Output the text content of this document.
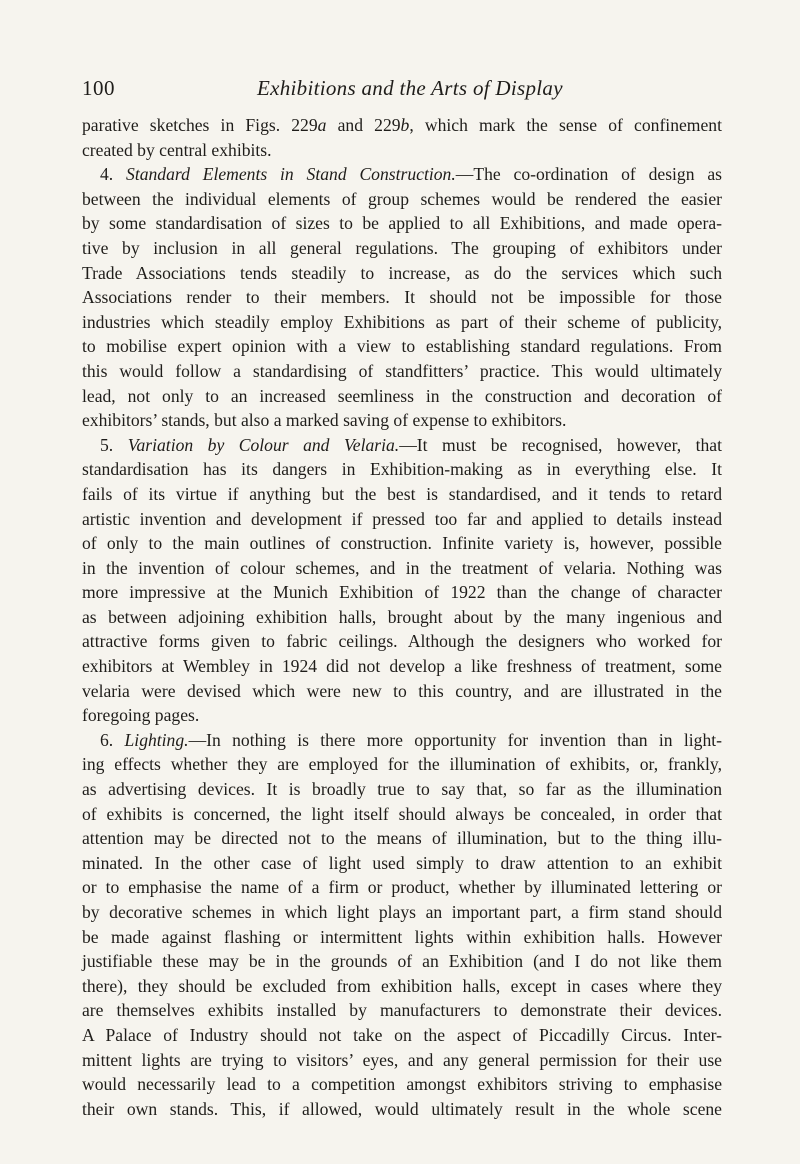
100	Exhibitions and the Arts of Display
parative sketches in Figs. 229a and 229b, which mark the sense of confinement
created by central exhibits.
4. Standard Elements in Stand Construction.—The co-ordination of design as
between the individual elements of group schemes would be rendered the easier
by some standardisation of sizes to be applied to all Exhibitions, and made opera-
tive by inclusion in all general regulations. The grouping of exhibitors under
Trade Associations tends steadily to increase, as do the services which such
Associations render to their members. It should not be impossible for those
industries which steadily employ Exhibitions as part of their scheme of publicity,
to mobilise expert opinion with a view to establishing standard regulations. From
this would follow a standardising of standfitters’ practice. This would ultimately
lead, not only to an increased seemliness in the construction and decoration of
exhibitors’ stands, but also a marked saving of expense to exhibitors.
5. Variation by Colour and Velaria.—It must be recognised, however, that
standardisation has its dangers in Exhibition-making as in everything else. It
fails of its virtue if anything but the best is standardised, and it tends to retard
artistic invention and development if pressed too far and applied to details instead
of only to the main outlines of construction. Infinite variety is, however, possible
in the invention of colour schemes, and in the treatment of velaria. Nothing was
more impressive at the Munich Exhibition of 1922 than the change of character
as between adjoining exhibition halls, brought about by the many ingenious and
attractive forms given to fabric ceilings. Although the designers who worked for
exhibitors at Wembley in 1924 did not develop a like freshness of treatment, some
velaria were devised which were new to this country, and are illustrated in the
foregoing pages.
6. Lighting.—In nothing is there more opportunity for invention than in light-
ing effects whether they are employed for the illumination of exhibits, or, frankly,
as advertising devices. It is broadly true to say that, so far as the illumination
of exhibits is concerned, the light itself should always be concealed, in order that
attention may be directed not to the means of illumination, but to the thing illu-
minated. In the other case of light used simply to draw attention to an exhibit
or to emphasise the name of a firm or product, whether by illuminated lettering or
by decorative schemes in which light plays an important part, a firm stand should
be made against flashing or intermittent lights within exhibition halls. However
justifiable these may be in the grounds of an Exhibition (and I do not like them
there), they should be excluded from exhibition halls, except in cases where they
are themselves exhibits installed by manufacturers to demonstrate their devices.
A Palace of Industry should not take on the aspect of Piccadilly Circus. Inter-
mittent lights are trying to visitors’ eyes, and any general permission for their use
would necessarily lead to a competition amongst exhibitors striving to emphasise
their own stands. This, if allowed, would ultimately result in the whole scene
